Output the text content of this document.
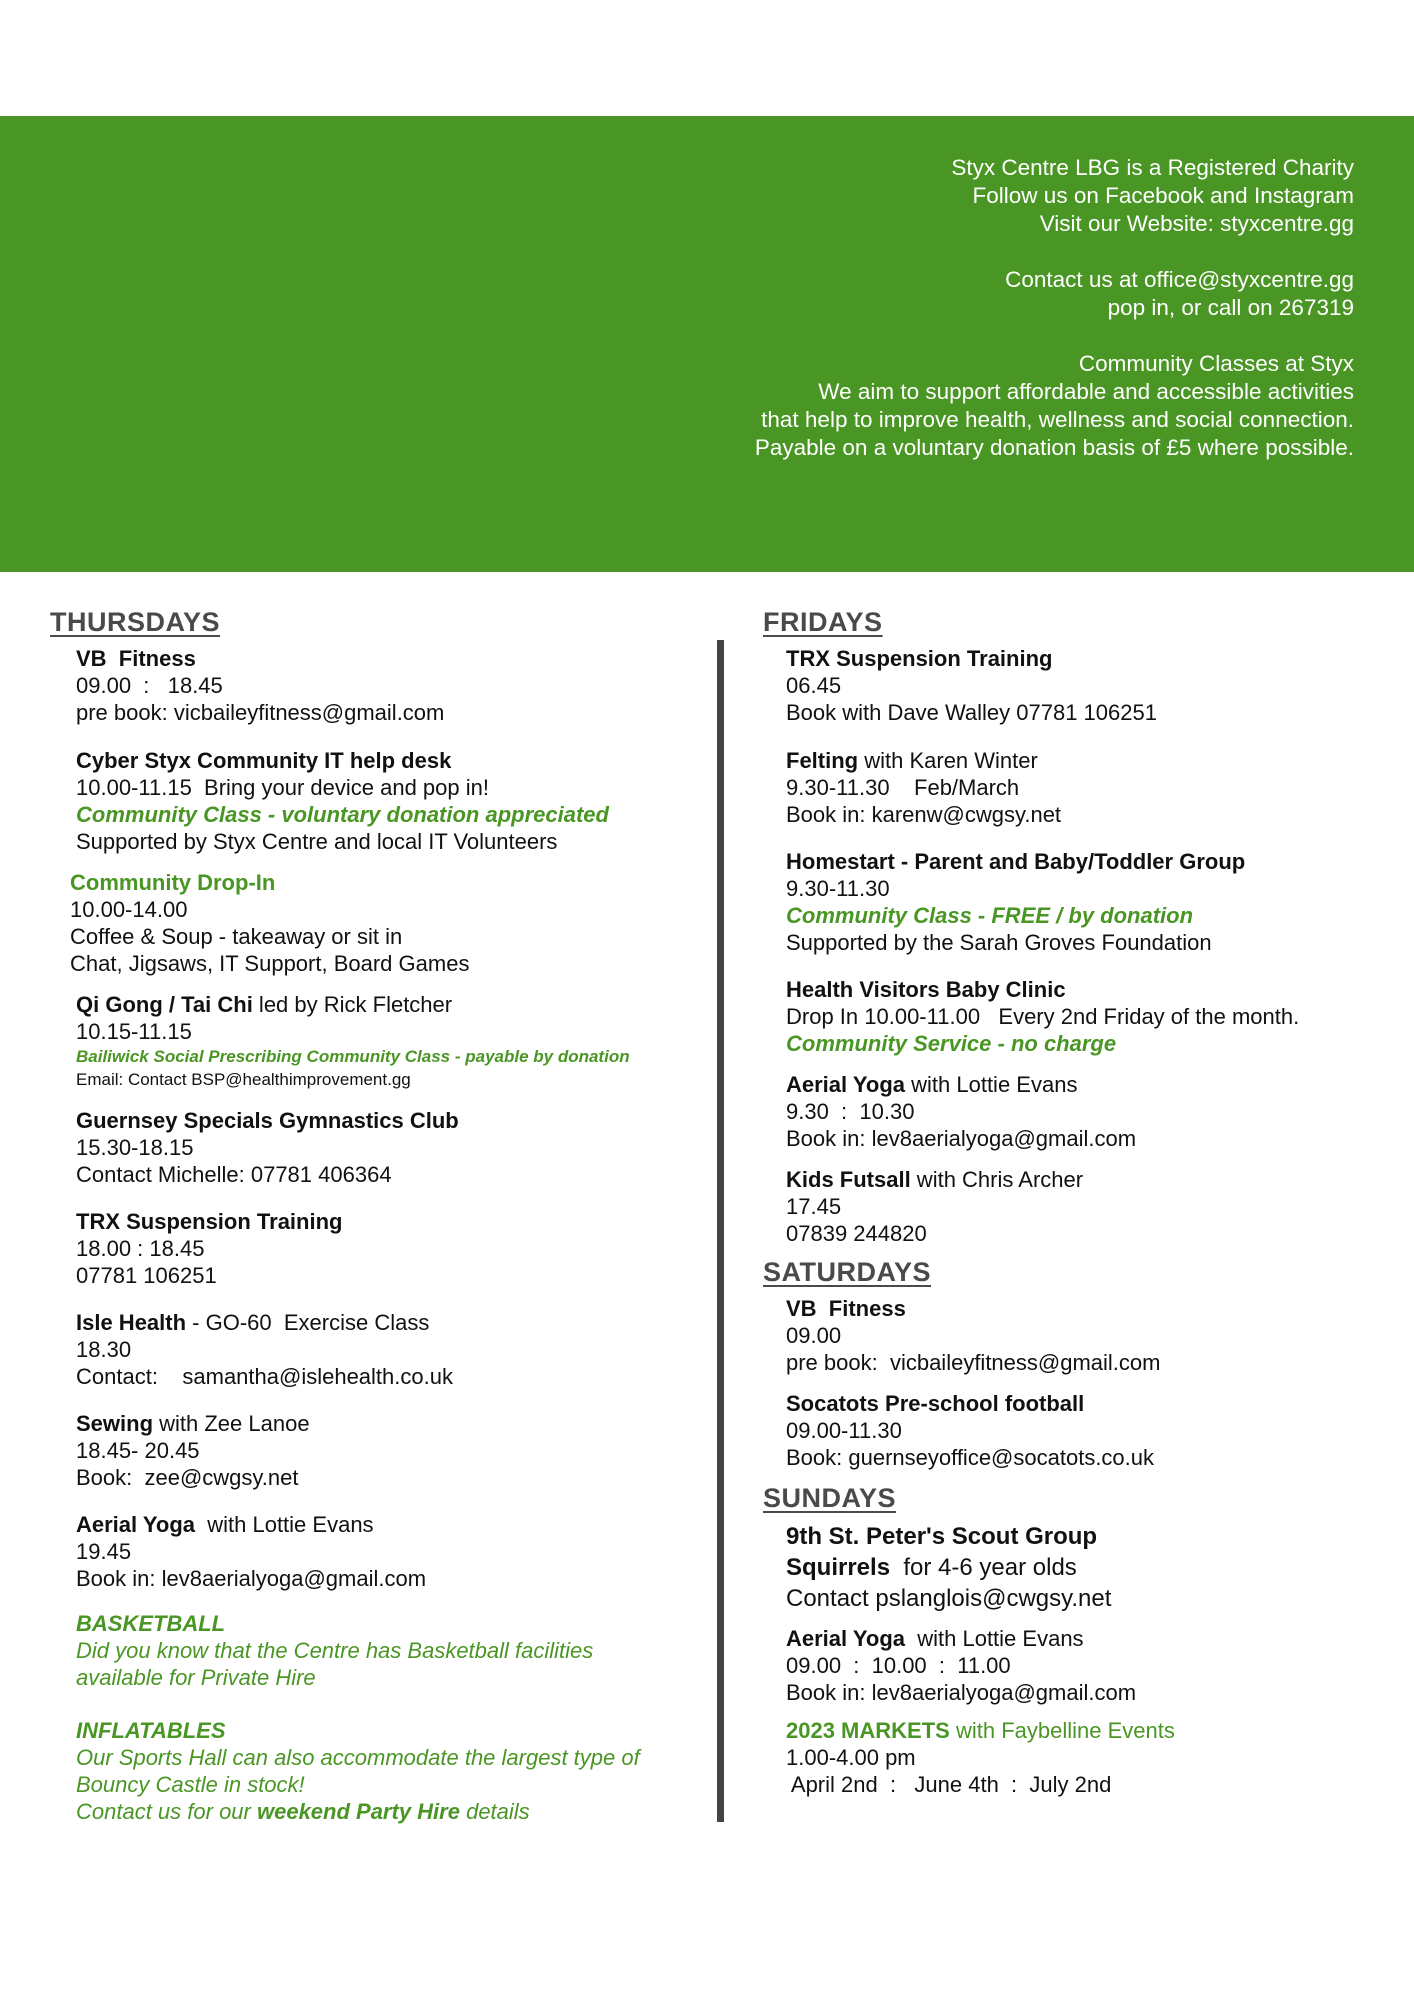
Styx Centre LBG is a Registered Charity
Follow us on Facebook and Instagram
Visit our Website: styxcentre.gg
Contact us at office@styxcentre.gg
pop in, or call on 267319
Community Classes at Styx
We aim to support affordable and accessible activities
that help to improve health, wellness and social connection.
Payable on a voluntary donation basis of £5 where possible.
THURSDAYS
VB  Fitness
09.00  :   18.45
pre book: vicbaileyfitness@gmail.com
Cyber Styx Community IT help desk
10.00-11.15  Bring your device and pop in!
Community Class - voluntary donation appreciated
Supported by Styx Centre and local IT Volunteers
Community Drop-In
10.00-14.00
Coffee & Soup - takeaway or sit in
Chat, Jigsaws, IT Support, Board Games
Qi Gong / Tai Chi led by Rick Fletcher
10.15-11.15
Bailiwick Social Prescribing Community Class - payable by donation
Email: Contact BSP@healthimprovement.gg
Guernsey Specials Gymnastics Club
15.30-18.15
Contact Michelle: 07781 406364
TRX Suspension Training
18.00 : 18.45
07781 106251
Isle Health - GO-60  Exercise Class
18.30
Contact:    samantha@islehealth.co.uk
Sewing with Zee Lanoe
18.45- 20.45
Book:  zee@cwgsy.net
Aerial Yoga  with Lottie Evans
19.45
Book in: lev8aerialyoga@gmail.com
BASKETBALL
Did you know that the Centre has Basketball facilities
available for Private Hire
INFLATABLES
Our Sports Hall can also accommodate the largest type of
Bouncy Castle in stock!
Contact us for our weekend Party Hire details
FRIDAYS
TRX Suspension Training
06.45
Book with Dave Walley 07781 106251
Felting with Karen Winter
9.30-11.30    Feb/March
Book in: karenw@cwgsy.net
Homestart - Parent and Baby/Toddler Group
9.30-11.30
Community Class - FREE / by donation
Supported by the Sarah Groves Foundation
Health Visitors Baby Clinic
Drop In 10.00-11.00   Every 2nd Friday of the month.
Community Service - no charge
Aerial Yoga with Lottie Evans
9.30  :  10.30
Book in: lev8aerialyoga@gmail.com
Kids Futsall with Chris Archer
17.45
07839 244820
SATURDAYS
VB  Fitness
09.00
pre book:  vicbaileyfitness@gmail.com
Socatots Pre-school football
09.00-11.30
Book: guernseyoffice@socatots.co.uk
SUNDAYS
9th St. Peter's Scout Group
Squirrels  for 4-6 year olds
Contact pslanglois@cwgsy.net
Aerial Yoga  with Lottie Evans
09.00  :  10.00  :  11.00
Book in: lev8aerialyoga@gmail.com
2023 MARKETS with Faybelline Events
1.00-4.00 pm
April 2nd  :   June 4th  :  July 2nd
